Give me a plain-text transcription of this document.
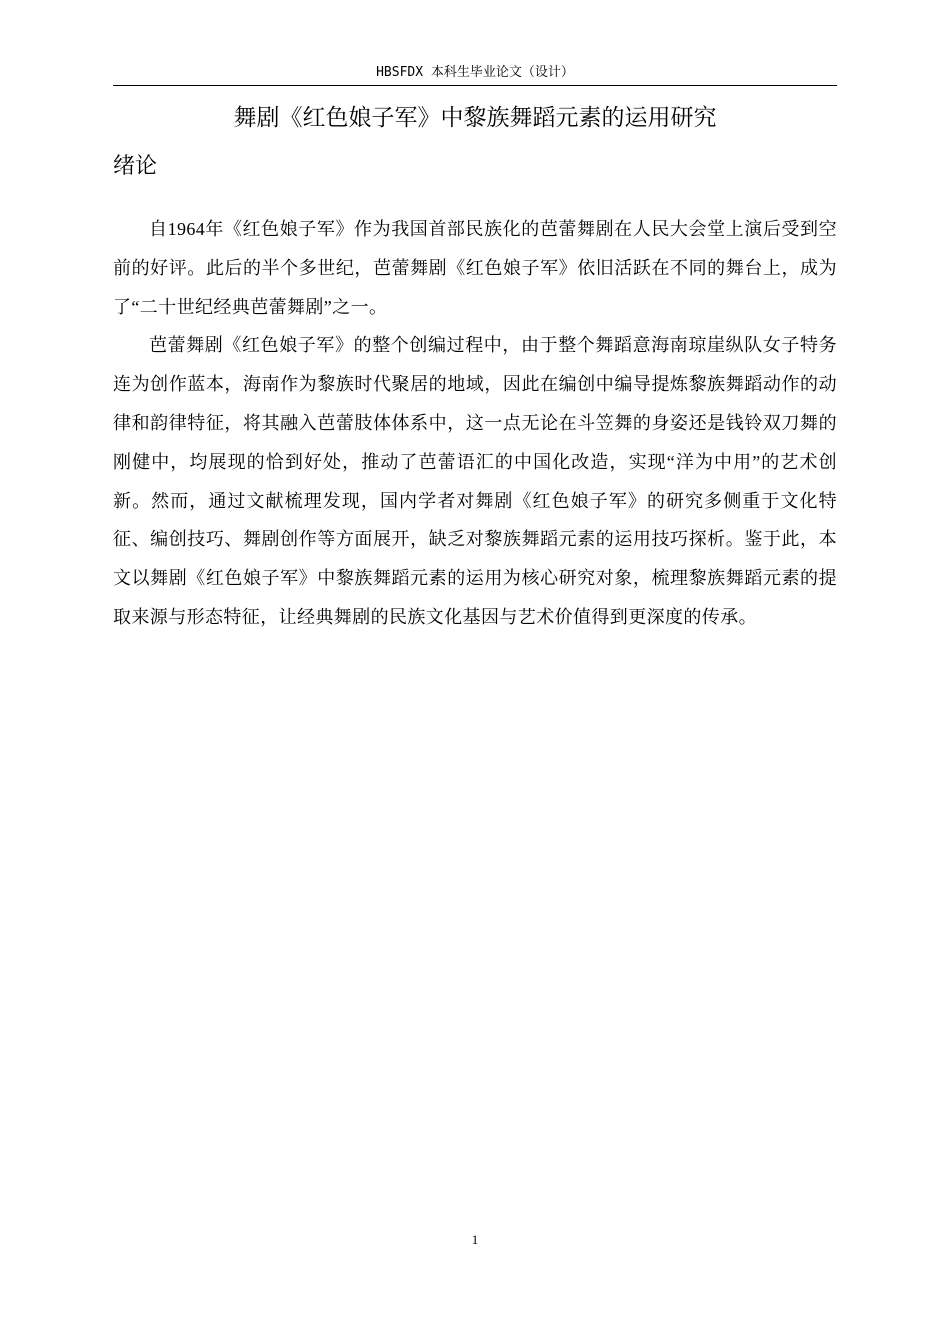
HBSFDX 本科生毕业论文（设计）
舞剧《红色娘子军》中黎族舞蹈元素的运用研究
绪论

自1964年《红色娘子军》作为我国首部民族化的芭蕾舞剧在人民大会堂上演后受到空前的好评。此后的半个多世纪，芭蕾舞剧《红色娘子军》依旧活跃在不同的舞台上，成为了“二十世纪经典芭蕾舞剧”之一。

芭蕾舞剧《红色娘子军》的整个创编过程中，由于整个舞蹈意海南琼崖纵队女子特务连为创作蓝本，海南作为黎族时代聚居的地域，因此在编创中编导提炼黎族舞蹈动作的动律和韵律特征，将其融入芭蕾肢体体系中，这一点无论在斗笠舞的身姿还是钱铃双刀舞的刚健中，均展现的恰到好处，推动了芭蕾语汇的中国化改造，实现“洋为中用”的艺术创新。然而，通过文献梳理发现，国内学者对舞剧《红色娘子军》的研究多侧重于文化特征、编创技巧、舞剧创作等方面展开，缺乏对黎族舞蹈元素的运用技巧探析。鉴于此，本文以舞剧《红色娘子军》中黎族舞蹈元素的运用为核心研究对象，梳理黎族舞蹈元素的提取来源与形态特征，让经典舞剧的民族文化基因与艺术价值得到更深度的传承。

1
